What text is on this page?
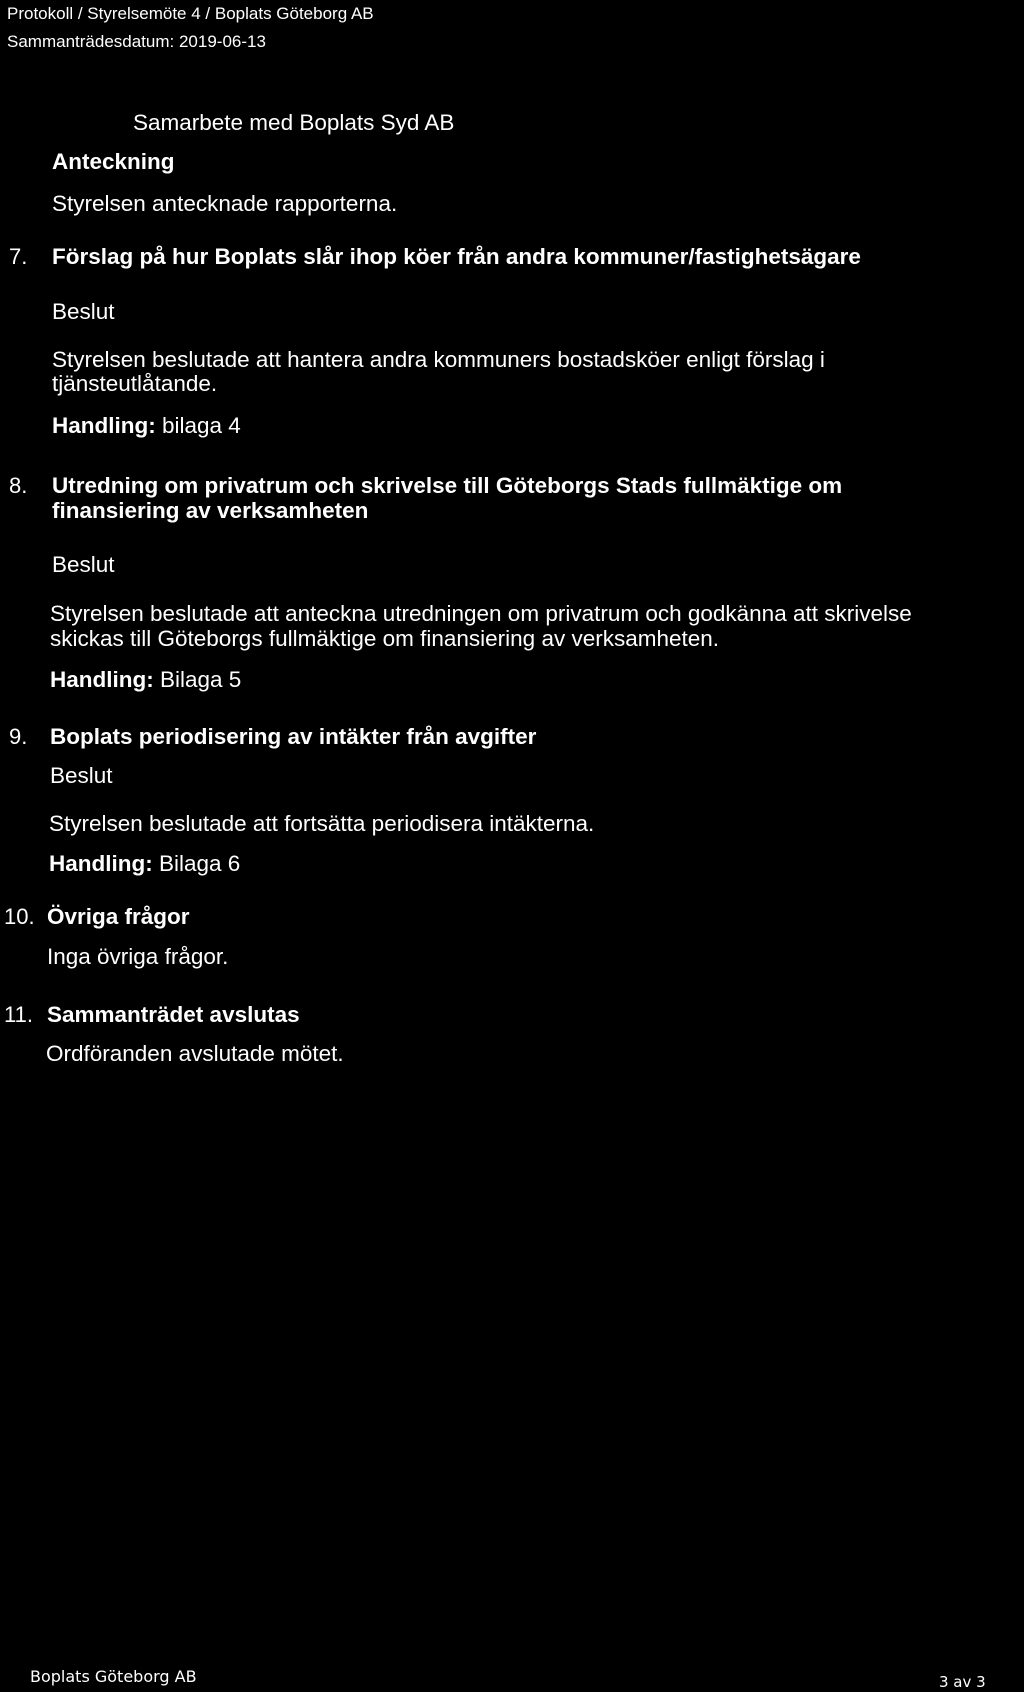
Protokoll / Styrelsemöte 4 / Boplats Göteborg AB
Sammanträdesdatum: 2019-06-13
Samarbete med Boplats Syd AB
Anteckning
Styrelsen antecknade rapporterna.
7. Förslag på hur Boplats slår ihop köer från andra kommuner/fastighetsägare
Beslut
Styrelsen beslutade att hantera andra kommuners bostadsköer enligt förslag i
tjänsteutlåtande.
Handling: bilaga 4
8. Utredning om privatrum och skrivelse till Göteborgs Stads fullmäktige om
finansiering av verksamheten
Beslut
Styrelsen beslutade att anteckna utredningen om privatrum och godkänna att skrivelse
skickas till Göteborgs fullmäktige om finansiering av verksamheten.
Handling: Bilaga 5
9. Boplats periodisering av intäkter från avgifter
Beslut
Styrelsen beslutade att fortsätta periodisera intäkterna.
Handling: Bilaga 6
10. Övriga frågor
Inga övriga frågor.
11. Sammanträdet avslutas
Ordföranden avslutade mötet.
Boplats Göteborg AB	3 av 3
